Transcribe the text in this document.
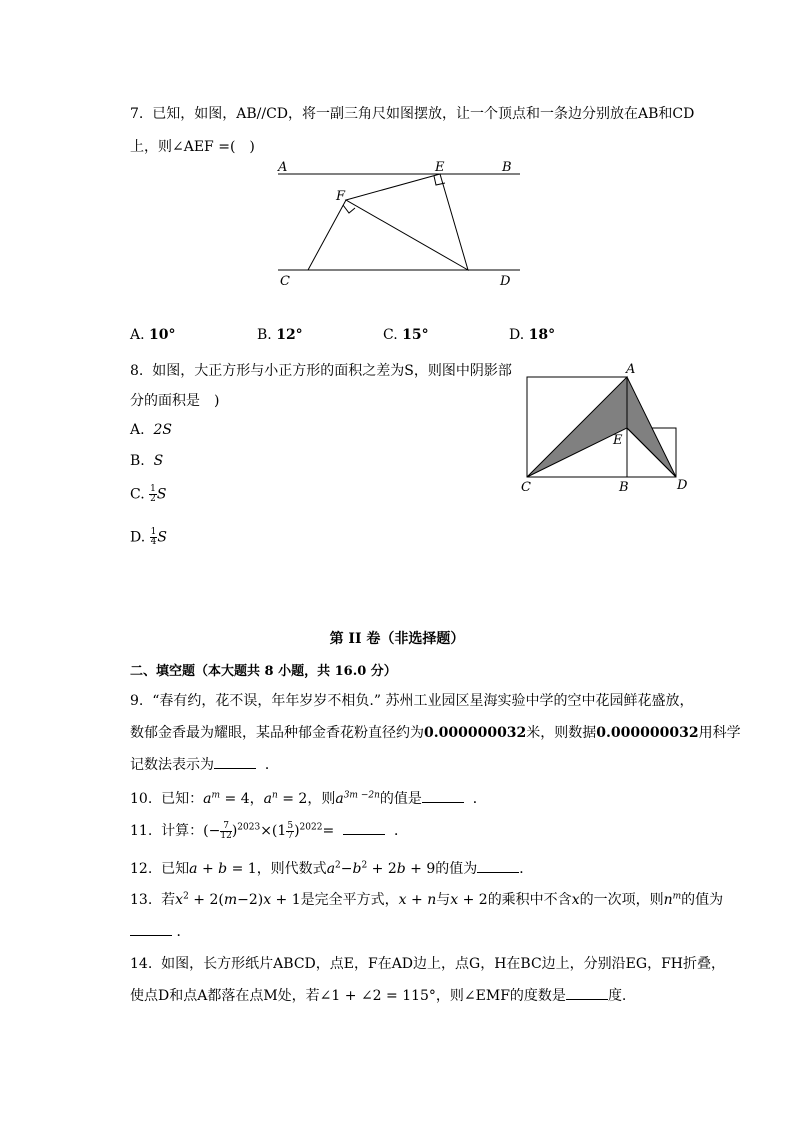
7. 已知，如图，AB//CD，将一副三角尺如图摆放，让一个顶点和一条边分别放在AB和CD
上，则∠AEF =(　)
A	E	B
F
C	D
A. 10°	B. 12°	C. 15°	D. 18°
8. 如图，大正方形与小正方形的面积之差为S，则图中阴影部
分的面积是　)
A. 2S
B. S
C. $\frac{1}{2}$ S
D. $\frac{1}{4}$ S
A
E
C	B	D
第 II 卷（非选择题）
二、填空题（本大题共 8 小题，共 16.0 分）
9. “春有约，花不误，年年岁岁不相负.” 苏州工业园区星海实验中学的空中花园鲜花盛放，
数郁金香最为耀眼，某品种郁金香花粉直径约为0.000000032米，则数据0.000000032用科学
记数法表示为	．
10. 已知：$a^m = 4$，$a^n = 2$，则$a^{3m -2n}$的值是	．
11. 计算：(− $\frac{7}{12} )^{2023}\times(1 \frac{5}{7} )^{2022}=$	．
12. 已知a + b = 1，则代数式$a^2-b^2 + 2b + 9$的值为	．
13. 若$x^2 + 2(m-2)x + 1$是完全平方式，x + n与x + 2的乘积中不含x的一次项，则$n^m$的值为
．
14. 如图，长方形纸片ABCD，点E，F在AD边上，点G，H在BC边上，分别沿EG，FH折叠，
使点D和点A都落在点M处，若∠1 + ∠2 = 115°，则∠EMF的度数是	度.
